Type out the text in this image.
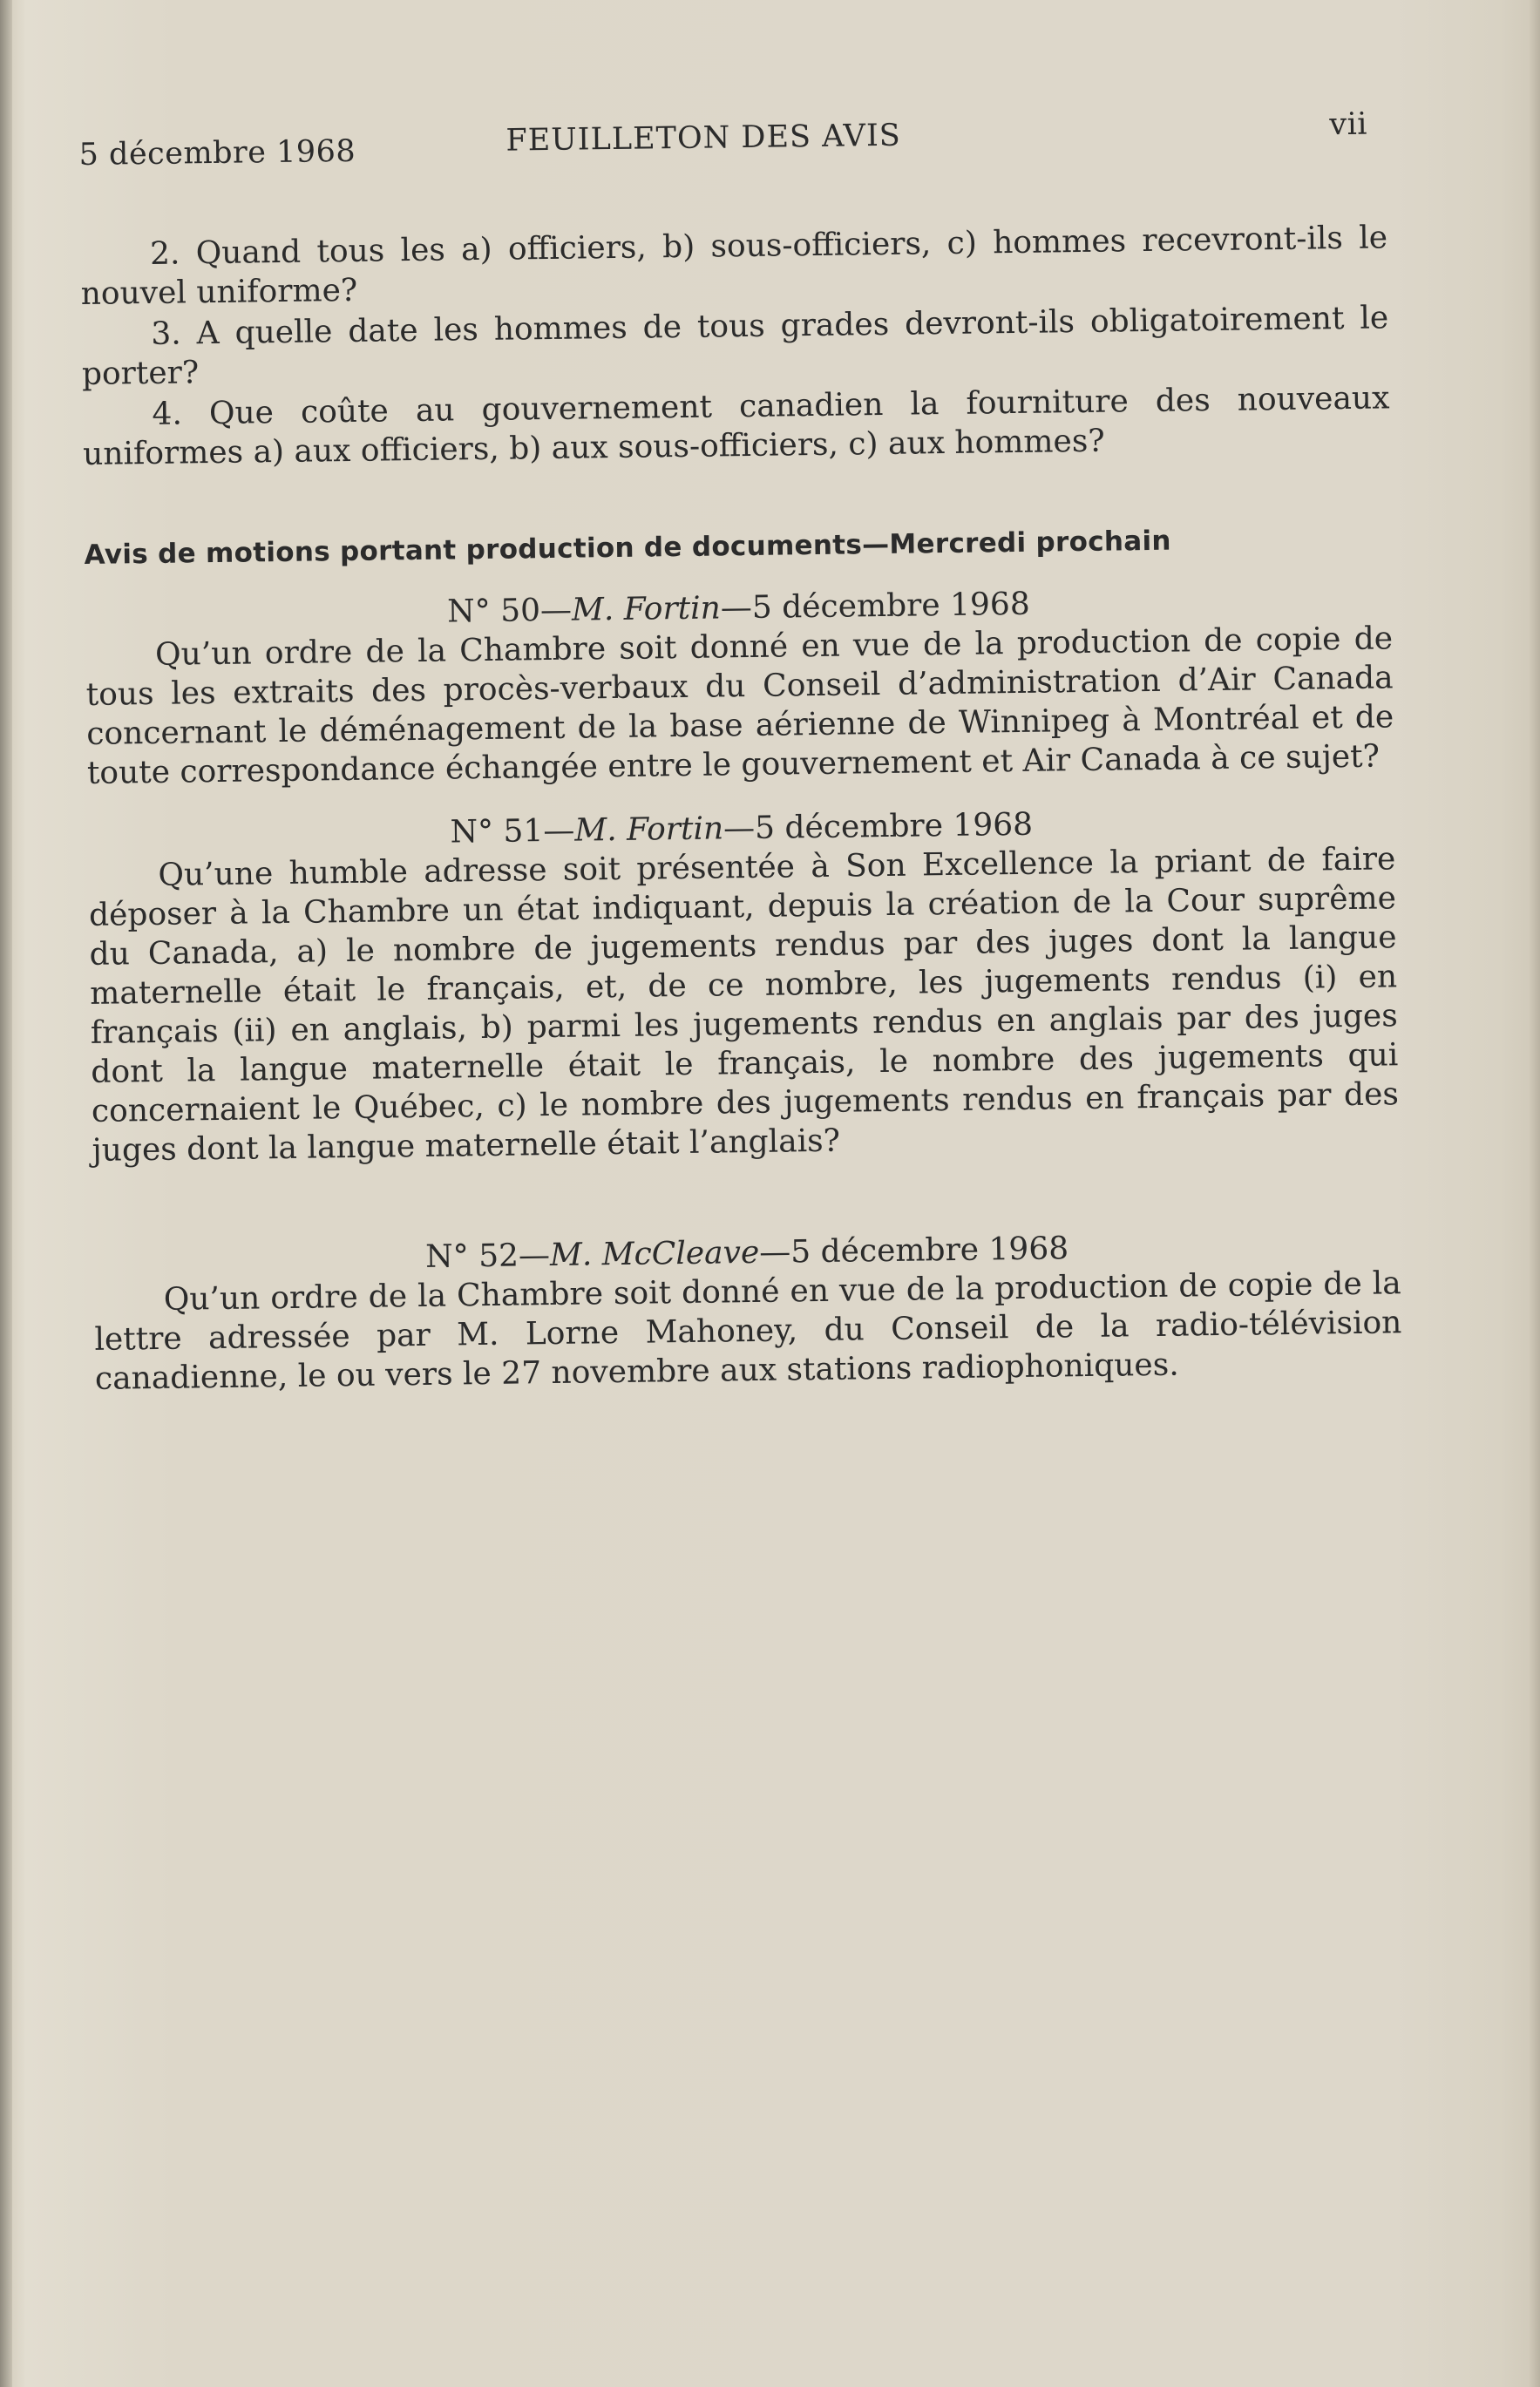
5 décembre 1968	FEUILLETON DES AVIS	vii

2. Quand tous les a) officiers, b) sous-officiers, c) hommes recevront-ils le nouvel uniforme?

3. A quelle date les hommes de tous grades devront-ils obligatoirement le porter?

4. Que coûte au gouvernement canadien la fourniture des nouveaux uniformes a) aux officiers, b) aux sous-officiers, c) aux hommes?

Avis de motions portant production de documents—Mercredi prochain

N° 50—M. Fortin—5 décembre 1968

Qu’un ordre de la Chambre soit donné en vue de la production de copie de tous les extraits des procès-verbaux du Conseil d’administration d’Air Canada concernant le déménagement de la base aérienne de Winnipeg à Montréal et de toute correspondance échangée entre le gouvernement et Air Canada à ce sujet?

N° 51—M. Fortin—5 décembre 1968

Qu’une humble adresse soit présentée à Son Excellence la priant de faire déposer à la Chambre un état indiquant, depuis la création de la Cour suprême du Canada, a) le nombre de jugements rendus par des juges dont la langue maternelle était le français, et, de ce nombre, les jugements rendus (i) en français (ii) en anglais, b) parmi les jugements rendus en anglais par des juges dont la langue maternelle était le français, le nombre des jugements qui concernaient le Québec, c) le nombre des jugements rendus en français par des juges dont la langue maternelle était l’anglais?

N° 52—M. McCleave—5 décembre 1968

Qu’un ordre de la Chambre soit donné en vue de la production de copie de la lettre adressée par M. Lorne Mahoney, du Conseil de la radio-télévision canadienne, le ou vers le 27 novembre aux stations radiophoniques.
